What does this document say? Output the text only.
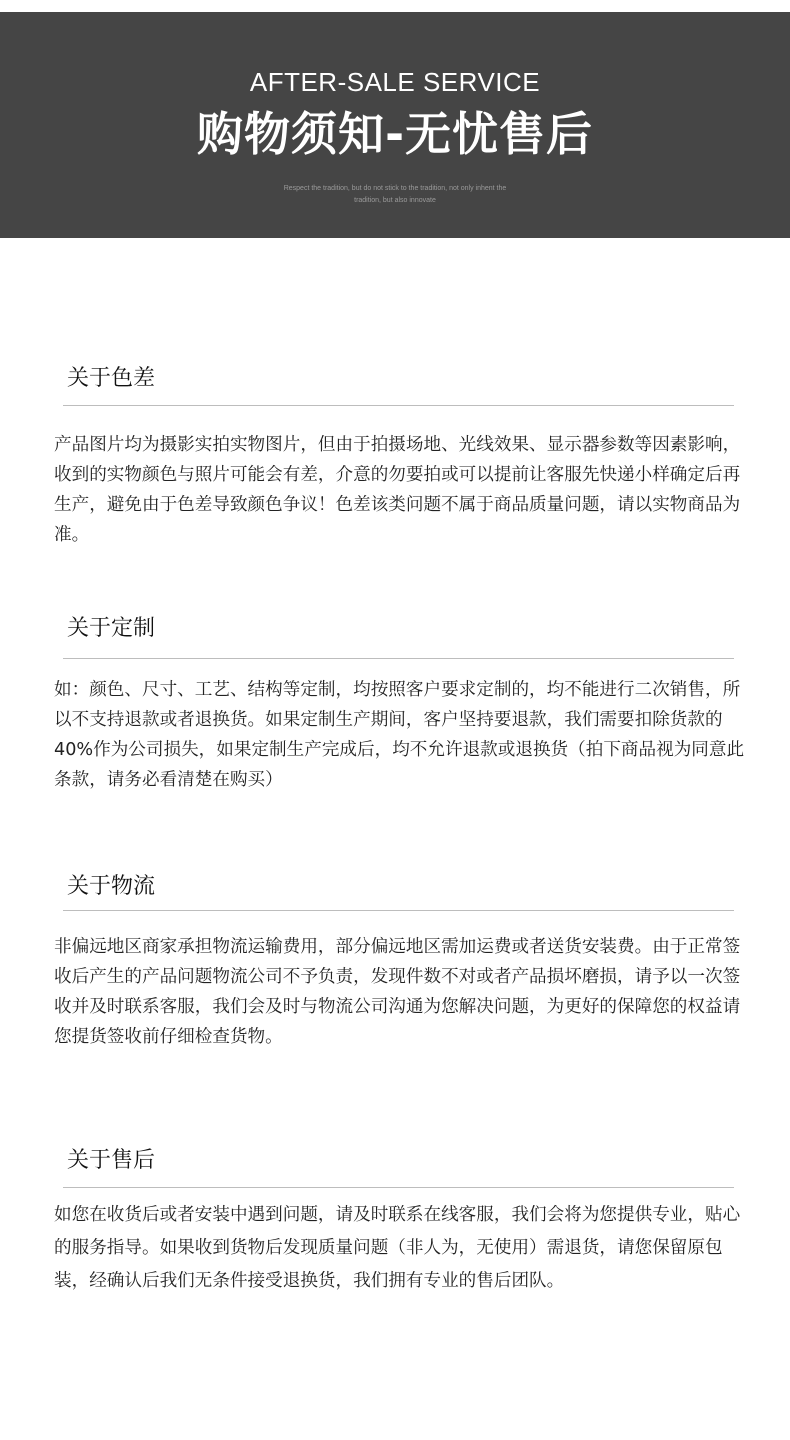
AFTER-SALE SERVICE
购物须知-无忧售后
Respect the tradition, but do not stick to the tradition, not only inhent the
tradition, but also innovate
关于色差

产品图片均为摄影实拍实物图片，但由于拍摄场地、光线效果、显示器参数等因素影响，收到的实物颜色与照片可能会有差，介意的勿要拍或可以提前让客服先快递小样确定后再生产，避免由于色差导致颜色争议！色差该类问题不属于商品质量问题，请以实物商品为准。

关于定制

如：颜色、尺寸、工艺、结构等定制，均按照客户要求定制的，均不能进行二次销售，所以不支持退款或者退换货。如果定制生产期间，客户坚持要退款，我们需要扣除货款的40%作为公司损失，如果定制生产完成后，均不允许退款或退换货（拍下商品视为同意此条款，请务必看清楚在购买）

关于物流

非偏远地区商家承担物流运输费用，部分偏远地区需加运费或者送货安装费。由于正常签收后产生的产品问题物流公司不予负责，发现件数不对或者产品损坏磨损，请予以一次签收并及时联系客服，我们会及时与物流公司沟通为您解决问题，为更好的保障您的权益请您提货签收前仔细检查货物。

关于售后

如您在收货后或者安装中遇到问题，请及时联系在线客服，我们会将为您提供专业，贴心的服务指导。如果收到货物后发现质量问题（非人为，无使用）需退货，请您保留原包装，经确认后我们无条件接受退换货，我们拥有专业的售后团队。
